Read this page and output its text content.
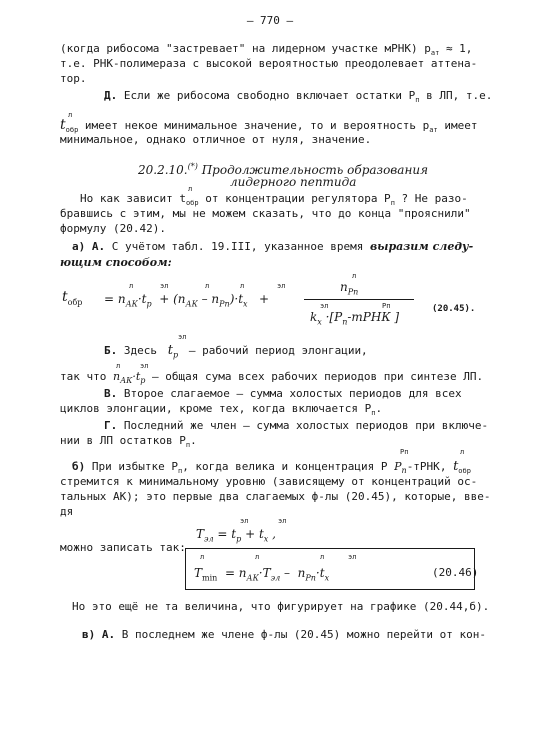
– 770 –
(когда рибосома "застревает" на лидерном участке мРНК) $p_{ат} \approx 1$,
т.е. РНК-полимераза с высокой вероятностью преодолевает аттена-
тор.
Д. Если же рибосома свободно включает остатки $P_п$ в ЛП, т.е.
л
$t_{обр}$ имеет некое минимальное значение, то и вероятность $p_{ат}$ имеет
минимальное, однако отличное от нуля, значение.
20.2.10.(*) Продолжительность образования
лидерного пептида
л
Но как зависит $t_{обр}$ от концентрации регулятора $P_п$ ? Не разо-
бравшись с этим, мы не можем сказать, что до конца "прояснили"
формулу (20.42).
а) А. С учётом табл. 19.III, указанное время выразим следу-
ющим способом:
л	эл	л	л	эл
$t_{обр} = n_{АК}\cdot t_р + (n_{АК} - n_{Рп})\cdot t_х$   +
л
$n_{Рп}$
эл	Рп
$k_х$ $\cdot[P_п$-тРНК ]
(20.45).
эл
Б. Здесь  $t_р$ – рабочий период элонгации,
л	эл
так что $n_{АК}\cdot t_р$ – общая сума всех рабочих периодов при синтезе ЛП.
В. Второе слагаемое – сумма холостых периодов для всех
циклов элонгации, кроме тех, когда включается $P_п$.
Г. Последний же член – сумма холостых периодов при включе-
нии в ЛП остатков $P_п$.
Рп	л
б) При избытке $P_п$, когда велика и концентрация P $P_п$-тРНК, $t_{обр}$
стремится к минимальному уровню (зависящему от концентраций ос-
тальных АК); это первые два слагаемых ф-лы (20.45), которые, вве-
дя
эл	эл
$T_{эл} = t_р + t_х$ ,
можно записать так:
л	л	л	эл
$T_{min} = n_{АК}\cdot T_{эл} - n_{Рп}\cdot t_х$	(20.46)
Но это ещё не та величина, что фигурирует на графике (20.44,б).
в) А. В последнем же члене ф-лы (20.45) можно перейти от кон-
